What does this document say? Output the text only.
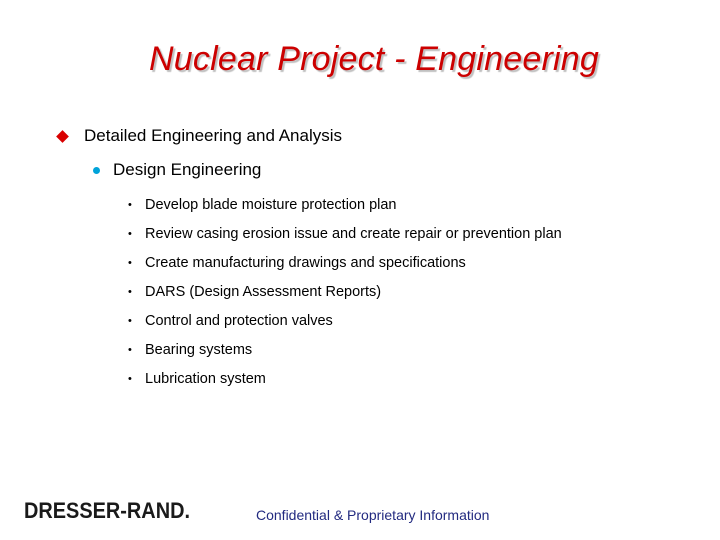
Nuclear Project - Engineering
Detailed Engineering and Analysis
Design Engineering
• Develop blade moisture protection plan
• Review casing erosion issue and create repair or prevention plan
• Create manufacturing drawings and specifications
• DARS (Design Assessment Reports)
• Control and protection valves
• Bearing systems
• Lubrication system
DRESSER-RAND.	Confidential & Proprietary Information
